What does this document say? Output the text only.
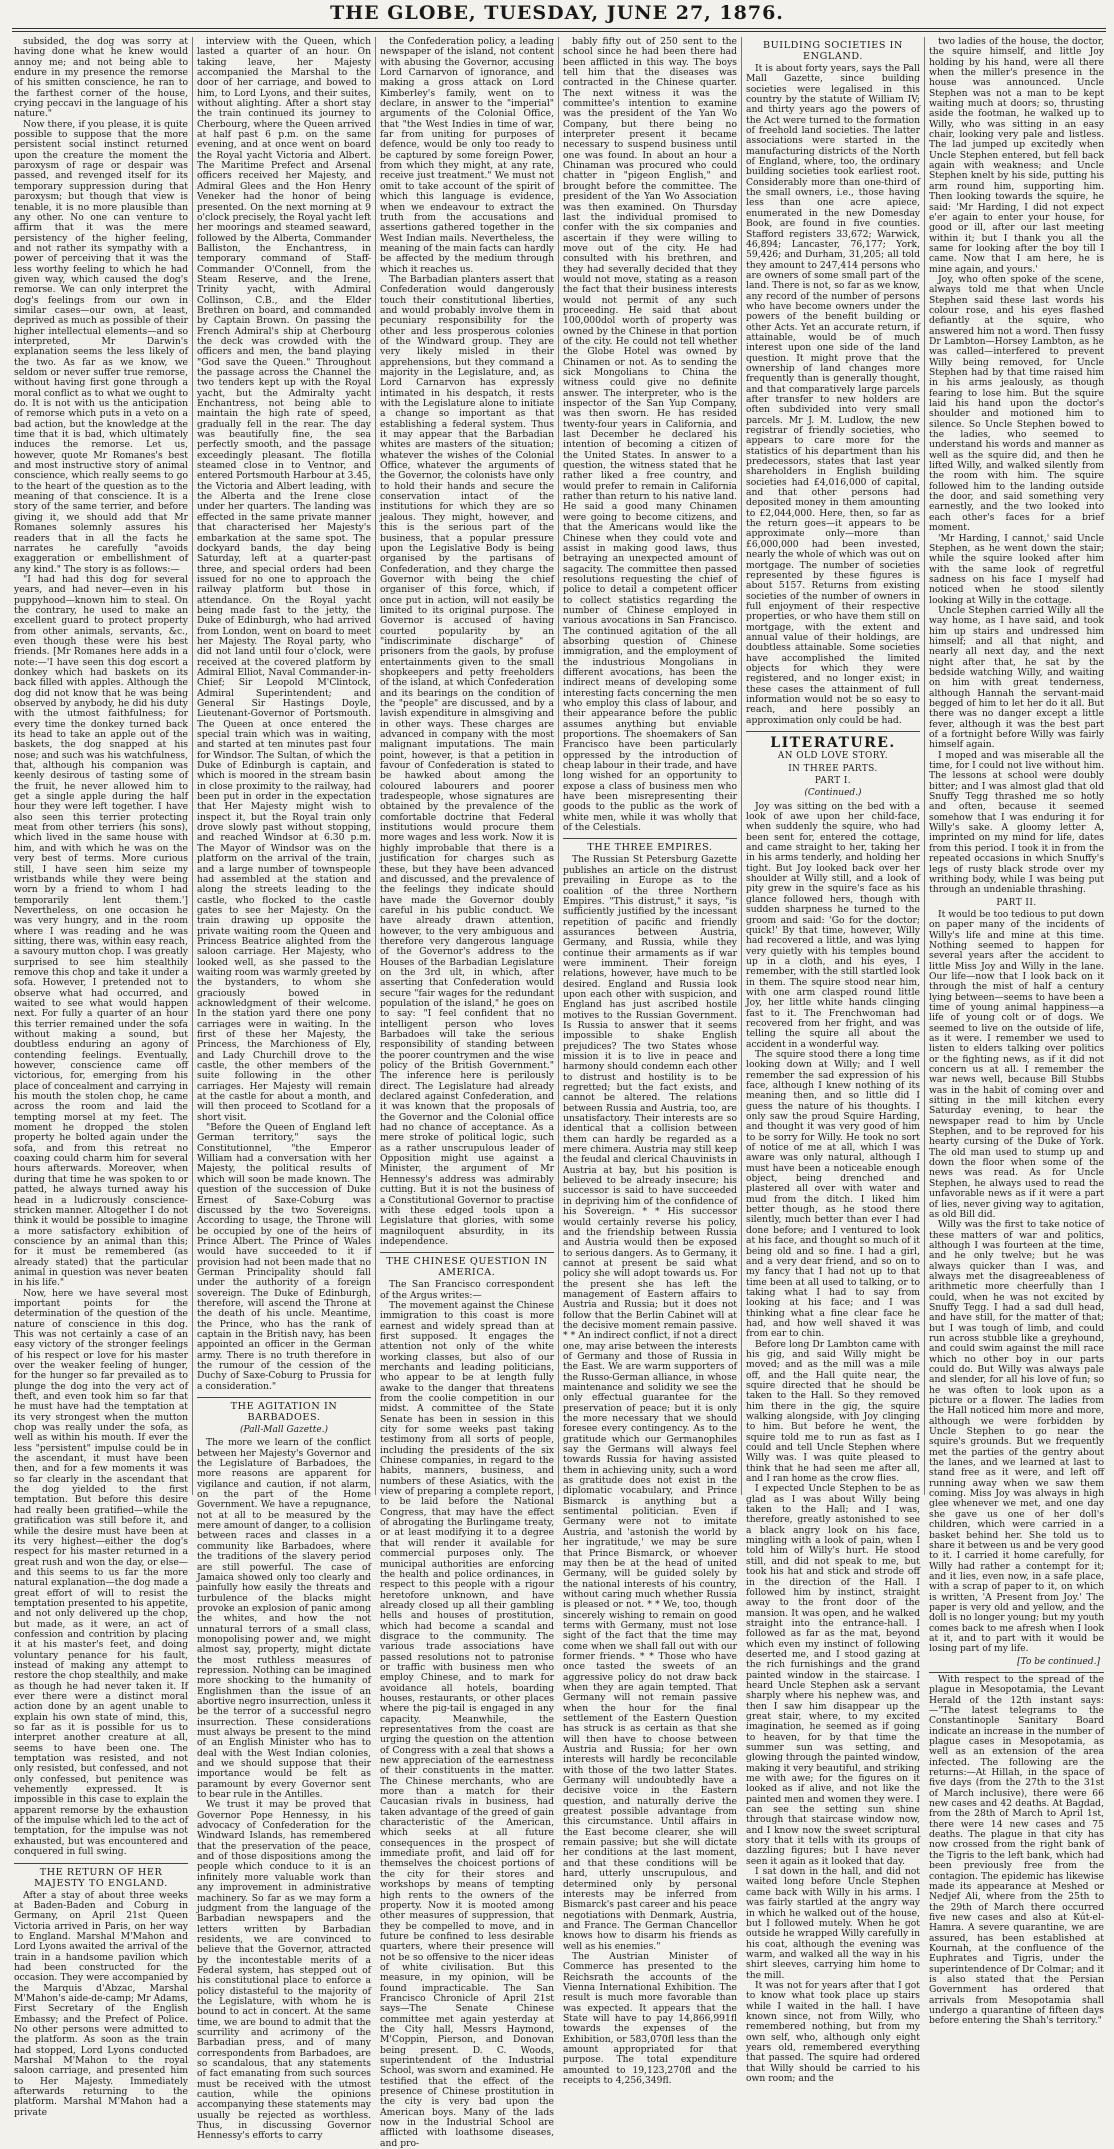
THE GLOBE, TUESDAY, JUNE 27, 1876.

subsided, the dog was sorry at having done what he knew would annoy me; and not being able to endure in my presence the remorse of his smitten conscience, he ran to the farthest corner of the house, crying peccavi in the language of his nature."

Now there, if you please, it is quite possible to suppose that the more persistent social instinct returned upon the creature the moment the paroxysm of rage or despair was passed, and revenged itself for its temporary suppression during that paroxysm; but though that view is tenable, it is no more plausible than any other. No one can venture to affirm that it was the mere persistency of the higher feeling, and not rather its sympathy with a power of perceiving that it was the less worthy feeling to which he had given way, which caused the dog's remorse. We can only interpret the dog's feelings from our own in similar cases—our own, at least, deprived as much as possible of their higher intellectual elements—and so interpreted, Mr Darwin's explanation seems the less likely of the two. As far as we know, we seldom or never suffer true remorse, without having first gone through a moral conflict as to what we ought to do. It is not with us the anticipation of remorse which puts in a veto on a bad action, but the knowledge at the time that it is bad, which ultimately induces the remorse. Let us, however, quote Mr Romanes's best and most instructive story of animal conscience, which really seems to go to the heart of the question as to the meaning of that conscience. It is a story of the same terrier, and before giving it, we should add that Mr Romanes solemnly assures his readers that in all the facts he narrates he carefully "avoids exaggeration or embellishment of any kind." The story is as follows:—

"I had had this dog for several years, and had never—even in his puppyhood—known him to steal. On the contrary, he used to make an excellent guard to protect property from other animals, servants, &c., even though these were his best friends. [Mr Romanes here adds in a note:—'I have seen this dog escort a donkey which had baskets on its back filled with apples. Although the dog did not know that he was being observed by anybody, he did his duty with the utmost faithfulness; for every time the donkey turned back its head to take an apple out of the baskets, the dog snapped at his nose; and such was his watchfulness, that, although his companion was keenly desirous of tasting some of the fruit, he never allowed him to get a single apple during the half hour they were left together. I have also seen this terrier protecting meat from other terriers (his sons), which lived in the same house with him, and with which he was on the very best of terms. More curious still, I have seen him seize my wristbands while they were being worn by a friend to whom I had temporarily lent them.'] Nevertheless, on one occasion he was very hungry, and in the room where I was reading and he was sitting, there was, within easy reach, a savoury mutton chop. I was greatly surprised to see him stealthily remove this chop and take it under a sofa. However, I pretended not to observe what had occurred, and waited to see what would happen next. For fully a quarter of an hour this terrier remained under the sofa without making a sound, but doubtless enduring an agony of contending feelings. Eventually, however, conscience came off victorious, for, emerging from his place of concealment and carrying in his mouth the stolen chop, he came across the room and laid the tempting morsel at my feet. The moment he dropped the stolen property he bolted again under the sofa, and from this retreat no coaxing could charm him for several hours afterwards. Moreover, when during that time he was spoken to or patted, he always turned away his head in a ludicrously conscience-stricken manner. Altogether I do not think it would be possible to imagine a more satisfactory exhibition of conscience by an animal than this; for it must be remembered (as already stated) that the particular animal in question was never beaten in his life."

Now, here we have several most important points for the determination of the question of the nature of conscience in this dog. This was not certainly a case of an easy victory of the stronger feelings of his respect or love for his master over the weaker feeling of hunger, for the hunger so far prevailed as to plunge the dog into the very act of theft, and even took him so far that he must have had the temptation at its very strongest when the mutton chop was really under the sofa, as well as within his mouth. If ever the less "persistent" impulse could be in the ascendant, it must have been then, and for a few moments it was so far clearly in the ascendant that the dog yielded to the first temptation. But before this desire had really been gratified—while the gratification was still before it, and while the desire must have been at its very highest—either the dog's respect for his master returned in a great rush and won the day, or else—and this seems to us far the more natural explanation—the dog made a great effort of will to resist the temptation presented to his appetite, and not only delivered up the chop, but made, as it were, an act of confession and contrition by placing it at his master's feet, and doing voluntary penance for his fault, instead of making any attempt to restore the chop stealthily, and make as though he had never taken it. If ever there were a distinct moral action done by an agent unable to explain his own state of mind, this, so far as it is possible for us to interpret another creature at all, seems to have been one. The temptation was resisted, and not only resisted, but confessed, and not only confessed, but penitence was vehemently expressed. It is impossible in this case to explain the apparent remorse by the exhaustion of the impulse which led to the act of temptation, for the impulse was not exhausted, but was encountered and conquered in full swing.

THE RETURN OF HER MAJESTY TO ENGLAND.

After a stay of about three weeks at Baden-Baden and Coburg in Germany, on April 21st Queen Victoria arrived in Paris, on her way to England. Marshal M'Mahon and Lord Lyons awaited the arrival of the train in a handsome pavilion which had been constructed for the occasion. They were accompanied by the Marquis d'Abzac, Marshal M'Mahon's aide-de-camp; Mr Adams, First Secretary of the English Embassy; and the Prefect of Police. No other persons were admitted to the platform. As soon as the train had stopped, Lord Lyons conducted Marshal M'Mahon to the royal saloon carriage, and presented him to Her Majesty. Immediately afterwards returning to the platform. Marshal M'Mahon had a private

interview with the Queen, which lasted a quarter of an hour. On taking leave, her Majesty accompanied the Marshal to the door of her carriage, and bowed to him, to Lord Lyons, and their suites, without alighting. After a short stay the train continued its journey to Cherbourg, where the Queen arrived at half past 6 p.m. on the same evening, and at once went on board the Royal yacht Victoria and Albert. The Maritime Prefect and Arsenal officers received her Majesty, and Admiral Glees and the Hon Henry Veneker had the honor of being presented. On the next morning at 9 o'clock precisely, the Royal yacht left her moorings and steamed seaward, followed by the Alberta, Commander Balliston, the Enchantress, in temporary command of Staff-Commander O'Connell, from the Steam Reserve, and the Irene, Trinity yacht, with Admiral Collinson, C.B., and the Elder Brethren on board, and commanded by Captain Brown. On passing the French Admiral's ship at Cherbourg the deck was crowded with the officers and men, the band playing "God save the Queen." Throughout the passage across the Channel the two tenders kept up with the Royal yacht, but the Admiralty yacht Enchantress, not being able to maintain the high rate of speed, gradually fell in the rear. The day was beautifully fine, the sea perfectly smooth, and the passage exceedingly pleasant. The flotilla steamed close in to Ventnor, and entered Portsmouth Harbour at 3.45, the Victoria and Albert leading, with the Alberta and the Irene close under her quarters. The landing was effected in the same private manner that characterised her Majesty's embarkation at the same spot. The dockyard bands, the day being Saturday, left at a quarter-past three, and special orders had been issued for no one to approach the railway platform but those in attendance. On the Royal yacht being made fast to the jetty, the Duke of Edinburgh, who had arrived from London, went on board to meet her Majesty. The Royal party, who did not land until four o'clock, were received at the covered platform by Admiral Elliot, Naval Commander-in-Chief; Sir Leopold M'Clintock, Admiral Superintendent; and General Sir Hastings Doyle, Lieutenant-Governor of Portsmouth. The Queen at once entered the special train which was in waiting, and started at ten minutes past four for Windsor. The Sultan, of which the Duke of Edinburgh is captain, and which is moored in the stream basin in close proximity to the railway, had been put in order in the expectation that Her Majesty might wish to inspect it, but the Royal train only drove slowly past without stopping, and reached Windsor at 6.30 p.m. The Mayor of Windsor was on the platform on the arrival of the train, and a large number of townspeople had assembled at the station and along the streets leading to the castle, who flocked to the castle gates to see her Majesty. On the train drawing up opposite the private waiting room the Queen and Princess Beatrice alighted from the saloon carriage. Her Majesty, who looked well, as she passed to the waiting room was warmly greeted by the bystanders, to whom she graciously bowed in acknowledgment of their welcome. In the station yard there one pony carriages were in waiting. In the first of these her Majesty, the Princess, the Marchioness of Ely, and Lady Churchill drove to the castle, the other members of the suite following in the other carriages. Her Majesty will remain at the castle for about a month, and will then proceed to Scotland for a short visit.

"Before the Queen of England left German territory," says the Constitutionnel, "the Emperor William had a conversation with her Majesty, the political results of which will soon be made known. The question of the succession of Duke Ernest of Saxe-Coburg was discussed by the two Sovereigns. According to usage, the Throne will be occupied by one of the heirs of Prince Albert. The Prince of Wales would have succeeded to it if provision had not been made that no German Principality should fall under the authority of a foreign sovereign. The Duke of Edinburgh, therefore, will ascend the Throne at the death of his uncle. Meantime, the Prince, who has the rank of captain in the British navy, has been appointed an officer in the German army. There is no truth therefore in the rumour of the cession of the Duchy of Saxe-Coburg to Prussia for a consideration."

THE AGITATION IN BARBADOES.
(Pall-Mall Gazette.)

The more we learn of the conflict between her Majesty's Governor and the Legislature of Barbadoes, the more reasons are apparent for vigilance and caution, if not alarm, on the part of the Home Government. We have a repugnance, not at all to be measured by the mere amount of danger, to a collision between races and classes in a community like Barbadoes, where the traditions of the slavery period are still powerful. The case of Jamaica showed only too clearly and painfully how easily the threats and turbulence of the blacks might provoke an explosion of panic among the whites, and how the not unnatural terrors of a small class, monopolising power and, we might almost say, property, might dictate the most ruthless measures of repression. Nothing can be imagined more shocking to the humanity of Englishmen than the issue of an abortive negro insurrection, unless it be the terror of a successful negro insurrection. These considerations must always be present to the mind of an English Minister who has to deal with the West Indian colonies, and we should suppose that their importance would be felt as paramount by every Governor sent to bear rule in the Antilles.

We trust it may be proved that Governor Pope Hennessy, in his advocacy of Confederation for the Windward Islands, has remembered that the preservation of the peace, and of those dispositions among the people which conduce to it is an infinitely more valuable work than any improvement in administrative machinery. So far as we may form a judgment from the language of the Barbadian newspapers and the letters written by Barbadian residents, we are convinced to believe that the Governor, attracted by the incontestable merits of a Federal system, has stepped out of his constitutional place to enforce a policy distasteful to the majority of the Legislature, with whom he is bound to act in concert. At the same time, we are bound to admit that the scurrility and acrimony of the Barbadian press, and of many correspondents from Barbadoes, are so scandalous, that any statements of fact emanating from such sources must be received with the utmost caution, while the opinions accompanying these statements may usually be rejected as worthless. Thus, in discussing Governor Hennessy's efforts to carry

the Confederation policy, a leading newspaper of the island, not content with abusing the Governor, accusing Lord Carnarvon of ignorance, and making a gross attack on Lord Kimberley's family, went on to declare, in answer to the "imperial" arguments of the Colonial Office, that "the West Indies in time of war, far from uniting for purposes of defence, would be only too ready to be captured by some foreign Power, from which they might, at any rate, receive just treatment." We must not omit to take account of the spirit of which this language is evidence, when we endeavour to extract the truth from the accusations and assertions gathered together in the West Indian mails. Nevertheless, the meaning of the main facts can hardly be affected by the medium through which it reaches us.

The Barbadian planters assert that Confederation would dangerously touch their constitutional liberties, and would probably involve them in pecuniary responsibility for the other and less prosperous colonies of the Windward group. They are very likely misled in their apprehensions, but they command a majority in the Legislature, and, as Lord Carnarvon has expressly intimated in his despatch, it rests with the Legislature alone to initiate a change so important as that establishing a federal system. Thus it may appear that the Barbadian whites are masters of the situation; whatever the wishes of the Colonial Office, whatever the arguments of the Governor, the colonists have only to hold their hands and secure the conservation intact of the institutions for which they are so jealous. They might, however, and this is the serious part of the business, that a popular pressure upon the Legislative Body is being organised by the partisans of Confederation, and they charge the Governor with being the chief organiser of this force, which, if once put in action, will not easily be limited to its original purpose. The Governor is accused of having courted popularity by an "indiscriminate discharge" of prisoners from the gaols, by profuse entertainments given to the small shopkeepers and petty freeholders of the island, at which Confederation and its bearings on the condition of the "people" are discussed, and by a lavish expenditure in almsgiving and in other ways. These charges are advanced in company with the most malignant imputations. The main point, however, is that a petition in favour of Confederation is stated to be hawked about among the coloured labourers and poorer tradespeople, whose signatures are obtained by the prevalence of the comfortable doctrine that Federal institutions would procure them more wages and less work. Now it is highly improbable that there is a justification for charges such as these, but they have been advanced and discussed, and the prevalence of the feelings they indicate should have made the Governor doubly careful in his public conduct. We have already drawn attention, however, to the very ambiguous and therefore very dangerous language of the Governor's address to the Houses of the Barbadian Legislature on the 3rd ult, in which, after asserting that Confederation would secure "fair wages for the redundant population of the island," he goes on to say: "I feel confident that no intelligent person who loves Barbadoes will take the serious responsibility of standing between the poorer countrymen and the wise policy of the British Government." The inference here is perilously direct. The Legislature had already declared against Confederation, and it was known that the proposals of the Governor and the Colonial office had no chance of acceptance. As a mere stroke of political logic, such as a rather unscrupulous leader of Opposition might use against a Minister, the argument of Mr Hennessy's address was admirably cutting. But it is not the business of a Constitutional Governor to practise with these edged tools upon a Legislature that glories, with some magniloquent absurdity, in its independence.

THE CHINESE QUESTION IN AMERICA.

The San Francisco correspondent of the Argus writes:—

The movement against the Chinese immigration to this coast is more earnest and widely spread than at first supposed. It engages the attention not only of the white working classes, but also of our merchants and leading politicians, who appear to be at length fully awake to the danger that threatens from the coolie competition in our midst. A committee of the State Senate has been in session in this city for some weeks past taking testimony from all sorts of people, including the presidents of the six Chinese companies, in regard to the habits, manners, business, and numbers of these Asiatics, with the view of preparing a complete report, to be laid before the National Congress, that may have the effect of abrogating the Burlingame treaty, or at least modifying it to a degree that will render it available for commercial purposes only. The municipal authorities are enforcing the health and police ordinances, in respect to this people with a rigour heretofore unknown, and have already closed up all their gambling hells and houses of prostitution, which had become a scandal and disgrace to the community. The various trade associations have passed resolutions not to patronise or traffic with business men who employ Chinese, and to mark for avoidance all hotels, boarding houses, restaurants, or other places where the pig-tail is engaged in any capacity. Meanwhile, the representatives from the coast are urging the question on the attention of Congress with a zeal that shows a new appreciation of the earnestness of their constituents in the matter. The Chinese merchants, who are more than a match for their Caucasian rivals in business, had taken advantage of the greed of gain characteristic of the American, which seeks at all future consequences in the prospect of immediate profit, and laid off for themselves the choicest portions of the city for their stores and workshops by means of tempting high rents to the owners of the property. Now it is mooted among other measures of suppression, that they be compelled to move, and in future be confined to less desirable quarters, where their presence will not be so offensive to the nicer ideas of white civilisation. But this measure, in my opinion, will be found impracticable. The San Francisco Chronicle of April 21st says—The Senate Chinese committee met again yesterday at the City hall, Messrs Haymond, M'Coppin, Pierson, and Donovan being present. D. C. Woods, superintendent of the Industrial School, was sworn and examined. He testified that the effect of the presence of Chinese prostitution in the city is very bad upon the American boys. Many of the lads now in the Industrial School are afflicted with loathsome diseases, and pro-

bably fifty out of 250 sent to the school since he had been there had been afflicted in this way. The boys tell him that the diseases was contracted in the Chinese quarter. The next witness it was the committee's intention to examine was the president of the Yan Wo Company, but there being no interpreter present it became necessary to suspend business until one was found. In about an hour a Chinaman was procured who could chatter in "pigeon English," and brought before the committee. The president of the Yan Wo Association was then examined. On Thursday last the individual promised to confer with the six companies and ascertain if they were willing to move out of the city. He had consulted with his brethren, and they had severally decided that they would not move, stating as a reason the fact that their business interests would not permit of any such proceeding. He said that about 100,000dol worth of property was owned by the Chinese in that portion of the city. He could not tell whether the Globe Hotel was owned by Chinamen or not. As to sending the sick Mongolians to China the witness could give no definite answer. The interpreter, who is the inspector of the San Yup Company, was then sworn. He has resided twenty-four years in California, and last December he declared his intention of becoming a citizen of the United States. In answer to a question, the witness stated that he rather liked a free country, and would prefer to remain in California rather than return to his native land. He said a good many Chinamen were going to become citizens, and that the Americans would like the Chinese when they could vote and assist in making good laws, thus betraying an unexpected amount of sagacity. The committee then passed resolutions requesting the chief of police to detail a competent officer to collect statistics regarding the number of Chinese employed in various avocations in San Francisco. The continued agitation of the all absorbing question of Chinese immigration, and the employment of the industrious Mongolians in different avocations, has been the indirect means of developing some interesting facts concerning the men who employ this class of labour, and their appearance before the public assumes anything but enviable proportions. The shoemakers of San Francisco have been particularly oppressed by the introduction of cheap labour in their trade, and have long wished for an opportunity to expose a class of business men who have been misrepresenting their goods to the public as the work of white men, while it was wholly that of the Celestials.

THE THREE EMPIRES.

The Russian St Petersburg Gazette publishes an article on the distrust prevailing in Europe as to the coalition of the three Northern Empires. "This distrust," it says, "is sufficiently justified by the incessant repetition of pacific and friendly assurances between Austria, Germany, and Russia, while they continue their armaments as if war were imminent. Their foreign relations, however, have much to be desired. England and Russia look upon each other with suspicion, and England has just ascribed hostile motives to the Russian Government. Is Russia to answer that it seems impossible to shake English prejudices? The two States whose mission it is to live in peace and harmony should condemn each other to distrust and hostility is to be regretted; but the fact exists, and cannot be altered. The relations between Russia and Austria, too, are unsatisfactory. Their interests are so identical that a collision between them can hardly be regarded as a mere chimera. Austria may still keep the feudal and clerical Chauvinists in Austria at bay, but his position is believed to be already insecure; his successor is said to have succeeded in depriving him of the confidence of his Sovereign. * * His successor would certainly reverse his policy, and the friendship between Russia and Austria would then be exposed to serious dangers. As to Germany, it cannot at present be said what policy she will adopt towards us. For the present she has left the management of Eastern affairs to Austria and Russia; but it does not follow that the Berlin Cabinet will at the decisive moment remain passive. * * An indirect conflict, if not a direct one, may arise between the interests of Germany and those of Russia in the East. We are warm supporters of the Russo-German alliance, in whose maintenance and solidity we see the only effectual guarantee for the preservation of peace; but it is only the more necessary that we should foresee every contingency. As to the gratitude which our Germanophiles say the Germans will always feel towards Russia for having assisted them in achieving unity, such a word as gratitude does not exist in the diplomatic vocabulary, and Prince Bismarck is anything but a sentimental politician. Even if Germany were not to imitate Austria, and 'astonish the world by her ingratitude,' we may be sure that Prince Bismarck, or whoever may then be at the head of united Germany, will be guided solely by the national interests of his country, without caring much whether Russia is pleased or not. * * We, too, though sincerely wishing to remain on good terms with Germany, must not lose sight of the fact that the time may come when we shall fall out with our former friends. * * Those who have once tasted the sweets of an aggressive policy do not draw back when they are again tempted. That Germany will not remain passive when the hour for the final settlement of the Eastern Question has struck is as certain as that she will then have to choose between Austria and Russia; for her own interests will hardly be reconcilable with those of the two latter States. Germany will undoubtedly have a decisive voice in the Eastern question, and naturally derive the greatest possible advantage from this circumstance. Until affairs in the East become clearer, she will remain passive; but she will dictate her conditions at the last moment, and that these conditions will be hard, utterly unscrupulous, and determined only by personal interests may be inferred from Bismarck's past career and his peace negotiations with Denmark, Austria, and France. The German Chancellor knows how to disarm his friends as well as his enemies."

The Austrian Minister of Commerce has presented to the Reichsrath the accounts of the Vienna International Exhibition. The result is much more favorable than was expected. It appears that the State will have to pay 14,866,991fl towards the expenses of the Exhibition, or 583,070fl less than the amount appropriated for that purpose. The total expenditure amounted to 19,123,270fl and the receipts to 4,256,349fl.

BUILDING SOCIETIES IN ENGLAND.

It is about forty years, says the Pall Mall Gazette, since building societies were legalised in this country by the statute of William IV; and thirty years ago the powers of the Act were turned to the formation of freehold land societies. The latter associations were started in the manufacturing districts of the North of England, where, too, the ordinary building societies took earliest root. Considerably more than one-third of the small owners, i.e., those having less than one acre apiece, enumerated in the new Domesday Book, are found in five counties. Stafford registers 33,672; Warwick, 46,894; Lancaster, 76,177; York, 59,426; and Durham, 31,205; all told they amount to 247,414 persons who are owners of some small part of the land. There is not, so far as we know, any record of the number of persons who have become owners under the powers of the benefit building or other Acts. Yet an accurate return, if attainable, would be of much interest upon one side of the land question. It might prove that the ownership of land changes more frequently than is generally thought, and that comparatively large parcels after transfer to new holders are often subdivided into very small parcels. Mr J. M. Ludlow, the new registrar of friendly societies, who appears to care more for the statistics of his department than his predecessors, states that last year shareholders in English building societies had £4,016,000 of capital, and that other persons had deposited money in them amounting to £2,044,000. Here, then, so far as the return goes—it appears to be approximate only—more than £6,000,000 had been invested, nearly the whole of which was out on mortgage. The number of societies represented by these figures is about 5157. Returns from existing societies of the number of owners in full enjoyment of their respective properties, or who have them still on mortgage, with the extent and annual value of their holdings, are doubtless attainable. Some societies have accomplished the limited objects for which they were registered, and no longer exist; in these cases the attainment of full information would not be so easy to reach, and here possibly an approximation only could be had.

LITERATURE.
AN OLD LOVE STORY.
IN THREE PARTS.
PART I.
(Continued.)

Joy was sitting on the bed with a look of awe upon her child-face, when suddenly the squire, who had been sent for, entered the cottage, and came straight to her, taking her in his arms tenderly, and holding her tight. But Joy looked back over her shoulder at Willy still, and a look of pity grew in the squire's face as his glance followed hers, though with sudden sharpness he turned to the groom and said: 'Go for the doctor; quick!' By that time, however, Willy had recovered a little, and was lying very quietly with his temples bound up in a cloth, and his eyes, I remember, with the still startled look in them. The squire stood near him, with one arm clasped round little Joy, her little white hands clinging fast to it. The Frenchwoman had recovered from her fright, and was telling the squire all about the accident in a wonderful way.

The squire stood there a long time looking down at Willy; and I well remember the sad expression of his face, although I knew nothing of its meaning then, and so little did I guess the nature of his thoughts. I only saw the proud Squire Harding, and thought it was very good of him to be sorry for Willy. He took no sort of notice of me at all, which I was aware was only natural, although I must have been a noticeable enough object, being drenched and plastered all over with water and mud from the ditch. I liked him better though, as he stood there silently, much better than ever I had done before; and I ventured to look at his face, and thought so much of it being old and so fine. I had a girl, and a very dear friend, and so on to my fancy that I had not up to that time been at all used to talking, or to taking what I had to say from looking at his face; and I was thinking what a fine clear face he had, and how well shaved it was from ear to chin.

Before long Dr Lambton came with his gig, and said Willy might be moved; and as the mill was a mile off, and the Hall quite near, the squire directed that he should be taken to the Hall. So they removed him there in the gig, the squire walking alongside, with Joy clinging to him. But before he went, the squire told me to run as fast as I could and tell Uncle Stephen where Willy was. I was quite pleased to think that he had seen me after all, and I ran home as the crow flies.

I expected Uncle Stephen to be as glad as I was about Willy being taken to the Hall; and I was, therefore, greatly astonished to see a black angry look on his face, mingling with a look of pain, when I told him of Willy's hurt. He stood still, and did not speak to me, but took his hat and stick and strode off in the direction of the Hall. I followed him by instinct, straight away to the front door of the mansion. It was open, and he walked straight into the entrance-hall. I followed as far as the mat, beyond which even my instinct of following deserted me, and I stood gazing at the rich furnishings and the grand painted window in the staircase. I heard Uncle Stephen ask a servant sharply where his nephew was, and then I saw him disappear up the great stair, where, to my excited imagination, he seemed as if going to heaven, for by that time the summer sun was setting, and glowing through the painted window, making it very beautiful, and striking me with awe; for the figures on it looked as if alive, and not like the painted men and women they were. I can see the setting sun shine through that staircase window now, and I know now the sweet scriptural story that it tells with its groups of dazzling figures; but I have never seen it again as it looked that day.

I sat down in the hall, and did not waited long before Uncle Stephen came back with Willy in his arms. I was fairly startled at the angry way in which he walked out of the house, but I followed mutely. When he got outside he wrapped Willy carefully in his coat, although the evening was warm, and walked all the way in his shirt sleeves, carrying him home to the mill.

It was not for years after that I got to know what took place up stairs while I waited in the hall. I have known since, not from Willy, who remembered nothing, but from my own self, who, although only eight years old, remembered everything that passed. The squire had ordered that Willy should be carried to his own room; and the

two ladies of the house, the doctor, the squire himself, and little Joy holding by his hand, were all there when the miller's presence in the house was announced. Uncle Stephen was not a man to be kept waiting much at doors; so, thrusting aside the footman, he walked up to Willy, who was sitting in an easy chair, looking very pale and listless. The lad jumped up excitedly when Uncle Stephen entered, but fell back again with weakness; and Uncle Stephen knelt by his side, putting his arm round him, supporting him. Then looking towards the squire, he said: 'Mr Harding, I did not expect e'er again to enter your house, for good or ill, after our last meeting within it; but I thank you all the same for looking after the boy till I came. Now that I am here, he is mine again, and yours.'

Joy, who often spoke of the scene, always told me that when Uncle Stephen said these last words his colour rose, and his eyes flashed defiantly at the squire, who answered him not a word. Then fussy Dr Lambton—Horsey Lambton, as he was called—interfered to prevent Willy being removed, for Uncle Stephen had by that time raised him in his arms jealously, as though fearing to lose him. But the squire laid his hand upon the doctor's shoulder and motioned him to silence. So Uncle Stephen bowed to the ladies, who seemed to understand his words and manner as well as the squire did, and then he lifted Willy, and walked silently from the room with him. The squire followed him to the landing outside the door, and said something very earnestly, and the two looked into each other's faces for a brief moment.

'Mr Harding, I cannot,' said Uncle Stephen, as he went down the stair; while the squire looked after him with the same look of regretful sadness on his face I myself had noticed when he stood silently looking at Willy in the cottage.

Uncle Stephen carried Willy all the way home, as I have said, and took him up stairs and undressed him himself; and all that night, and nearly all next day, and the next night after that, he sat by the bedside watching Willy, and waiting on him with great tenderness, although Hannah the servant-maid begged of him to let her do it all. But there was no danger except a little fever, although it was the best part of a fortnight before Willy was fairly himself again.

I moped and was miserable all the time, for I could not live without him. The lessons at school were doubly bitter; and I was almost glad that old Snuffy Tegg thrashed me so hotly and often, because it seemed somehow that I was enduring it for Willy's sake. A gloomy letter A, imprinted on my mind for life, dates from this period. I took it in from the repeated occasions in which Snuffy's legs of rusty black strode over my writhing body, while I was being put through an undeniable thrashing.

PART II.

It would be too tedious to put down on paper many of the incidents of Willy's life and mine at this time. Nothing seemed to happen for several years after the accident to little Miss Joy and Willy in the lane. Our life—now that I look back on it through the mist of half a century lying between—seems to have been a time of young animal happiness—a life of young colt or of dogs. We seemed to live on the outside of life, as it were. I remember we used to listen to elders talking over politics or the fighting news, as if it did not concern us at all. I remember the war news well, because Bill Stubbs was in the habit of coming over and sitting in the mill kitchen every Saturday evening, to hear the newspaper read to him by Uncle Stephen, and to be reproved for his hearty cursing of the Duke of York. The old man used to stump up and down the floor when some of the news was read. As for Uncle Stephen, he always used to read the unfavorable news as if it were a part of lies, never giving way to agitation, as old Bill did.

Willy was the first to take notice of these matters of war and politics, although I was fourteen at the time, and he only twelve; but he was always quicker than I was, and always met the disagreeableness of arithmetic more cheerfully than I could, when he was not excited by Snuffy Tegg. I had a sad dull head, and have still, for the matter of that; but I was tough of limb, and could run across stubble like a greyhound, and could swim against the mill race which no other boy in our parts could do. But Willy was always pale and slender, for all his love of fun; so he was often to look upon as a picture or a flower. The ladies from the Hall noticed him more and more, although we were forbidden by Uncle Stephen to go near the squire's grounds. But we frequently met the parties of the gentry about the lanes, and we learned at last to stand free as it were, and left off running away when we saw them coming. Miss Joy was always in high glee whenever we met, and one day she gave us one of her doll's children, which were carried in a basket behind her. She told us to share it between us and be very good to it. I carried it home carefully, for Willy had rather a contempt for it; and it lies, even now, in a safe place, with a scrap of paper to it, on which is written, 'A Present from Joy.' The paper is very old and yellow, and the doll is no longer young; but my youth comes back to me afresh when I look at it, and to part with it would be losing part of my life.

[To be continued.]

With respect to the spread of the plague in Mesopotamia, the Levant Herald of the 12th instant says:—"The latest telegrams to the Constantinople Sanitary Board indicate an increase in the number of plague cases in Mesopotamia, as well as an extension of the area infected. The following are the returns:—At Hillah, in the space of five days (from the 27th to the 31st of March inclusive), there were 66 new cases and 42 deaths. At Bagdad, from the 28th of March to April 1st, there were 14 new cases and 75 deaths. The plague in that city has now crossed from the right bank of the Tigris to the left bank, which had been previously free from the contagion. The epidemic has likewise made its appearance at Meshed or Nedjef Ali, where from the 25th to the 29th of March there occurred five new cases and also at Kút-el-Hamra. A severe quarantine, we are assured, has been established at Kournah, at the confluence of the Euphrates and Tigris, under the superintendence of Dr Colmar; and it is also stated that the Persian Government has ordered that arrivals from Mesopotamia shall undergo a quarantine of fifteen days before entering the Shah's territory."
